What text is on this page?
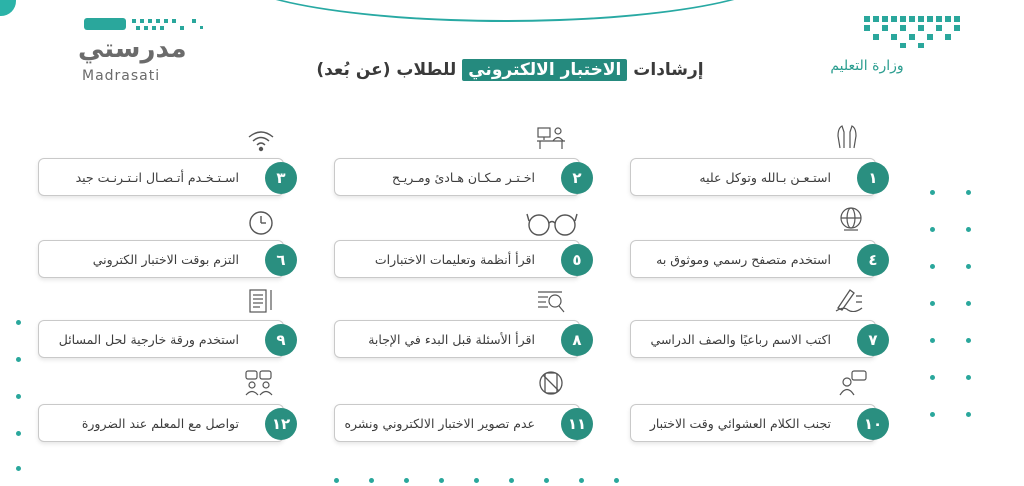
وزارة التعليم
مدرستي
Madrasati	إرشادات الاختبار الالكتروني للطلاب (عن بُعد)
استـعـن بـالله وتوكل عليه	١
اخـتـر مـكـان هـادئ ومـريـح	٢
اسـتـخـدم أتـصـال انـتـرنـت جيد	٣
استخدم متصفح رسمي وموثوق به	٤
اقرأ أنظمة وتعليمات الاختبارات	٥
التزم بوقت الاختبار الكتروني	٦
اكتب الاسم رباعيًا والصف الدراسي	٧
اقرأ الأسئلة قبل البدء في الإجابة	٨
استخدم ورقة خارجية لحل المسائل	٩
تجنب الكلام العشوائي وقت الاختبار	١٠
عدم تصوير الاختبار الالكتروني ونشره	١١
تواصل مع المعلم عند الضرورة	١٢
